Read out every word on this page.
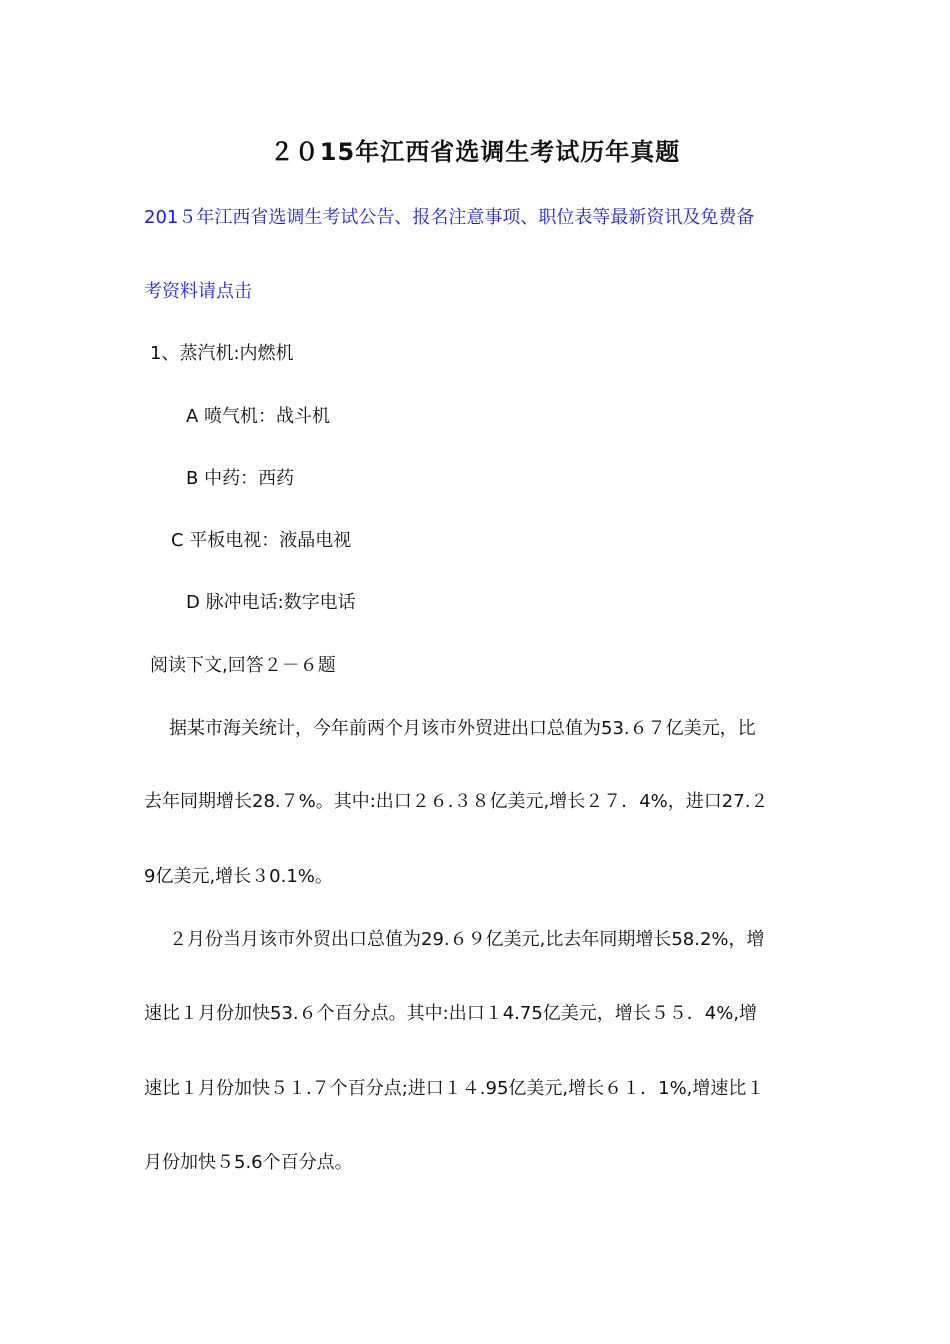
２０15年江西省选调生考试历年真题
201５年江西省选调生考试公告、报名注意事项、职位表等最新资讯及免费备
考资料请点击
1、蒸汽机:内燃机
A 喷气机：战斗机
B 中药：西药
C 平板电视：液晶电视
D 脉冲电话:数字电话
阅读下文,回答２－６题
据某市海关统计，今年前两个月该市外贸进出口总值为53.６７亿美元，比
去年同期增长28.７%。其中:出口２６.３８亿美元,增长２７．4%，进口27.２
9亿美元,增长３0.1%。
２月份当月该市外贸出口总值为29.６９亿美元,比去年同期增长58.2%，增
速比１月份加快53.６个百分点。其中:出口１4.75亿美元，增长５５．4%,增
速比１月份加快５１.７个百分点;进口１４.95亿美元,增长６１．1%,增速比１
月份加快５5.6个百分点。
